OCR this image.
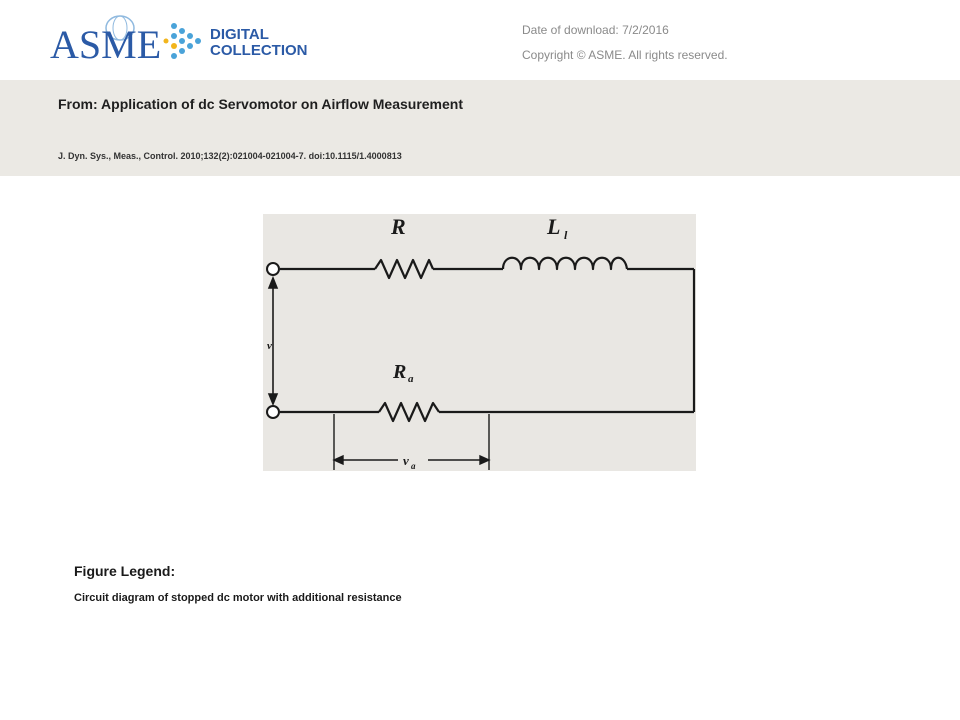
ASME	DIGITAL
COLLECTION
Date of download: 7/2/2016
Copyright © ASME. All rights reserved.
From: Application of dc Servomotor on Airflow Measurement
J. Dyn. Sys., Meas., Control. 2010;132(2):021004-021004-7. doi:10.1115/1.4000813
R	L l
R a
v
v a
Figure Legend:
Circuit diagram of stopped dc motor with additional resistance
